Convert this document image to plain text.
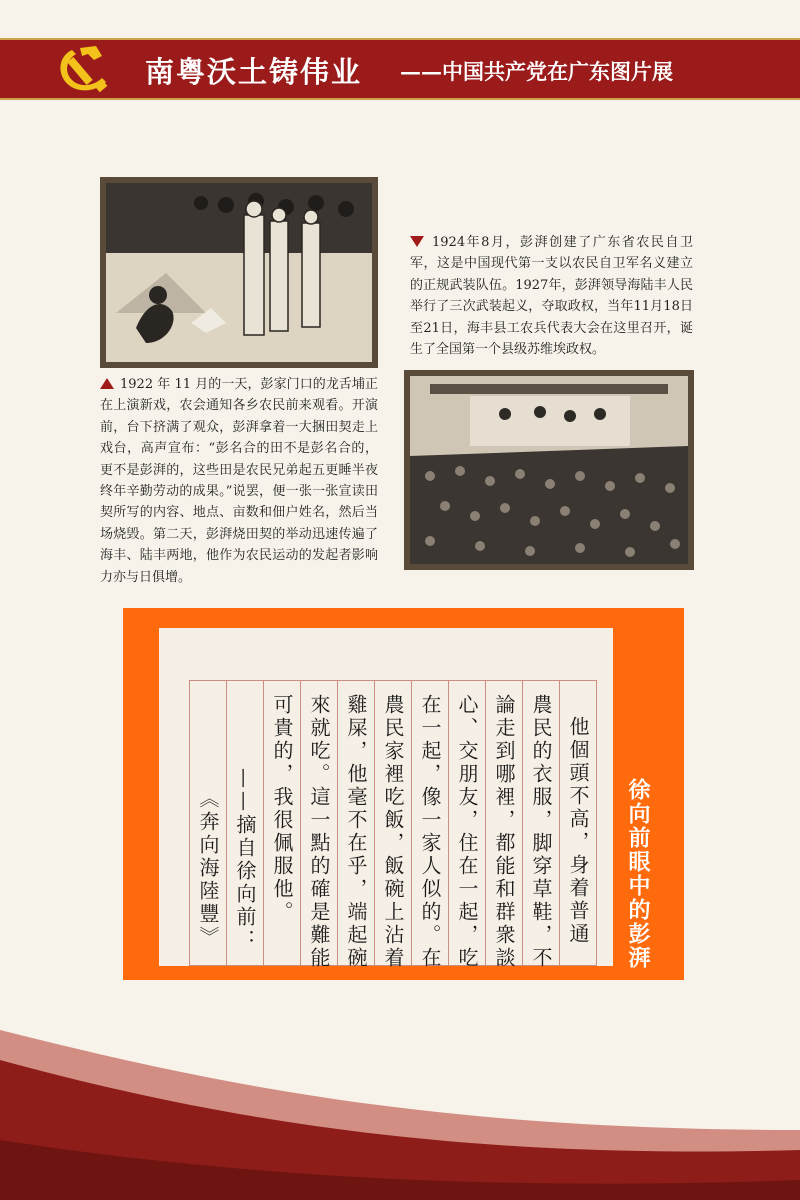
南粤沃土铸伟业 ——中国共产党在广东图片展
1922 年 11 月的一天，彭家门口的龙舌埔正在上演新戏，农会通知各乡农民前来观看。开演前，台下挤满了观众，彭湃拿着一大捆田契走上戏台，高声宣布：“彭名合的田不是彭名合的，更不是彭湃的，这些田是农民兄弟起五更睡半夜终年辛勤劳动的成果。”说罢，便一张一张宣读田契所写的内容、地点、亩数和佃户姓名，然后当场烧毁。第二天，彭湃烧田契的举动迅速传遍了海丰、陆丰两地，他作为农民运动的发起者影响力亦与日俱增。
1924年8月，彭湃创建了广东省农民自卫军，这是中国现代第一支以农民自卫军名义建立的正规武装队伍。1927年，彭湃领导海陆丰人民举行了三次武装起义，夺取政权，当年11月18日至21日，海丰县工农兵代表大会在这里召开，诞生了全国第一个县级苏维埃政权。
他個頭不高，身着普通
農民的衣服，脚穿草鞋，不
論走到哪裡，都能和群衆談
心、交朋友，住在一起，吃
在一起，像一家人似的。在
農民家裡吃飯，飯碗上沾着
雞屎，他毫不在乎，端起碗
來就吃。這一點的確是難能
可貴的，我很佩服他。
——摘自徐向前：
《奔向海陸豐》	徐向前眼中的彭湃
